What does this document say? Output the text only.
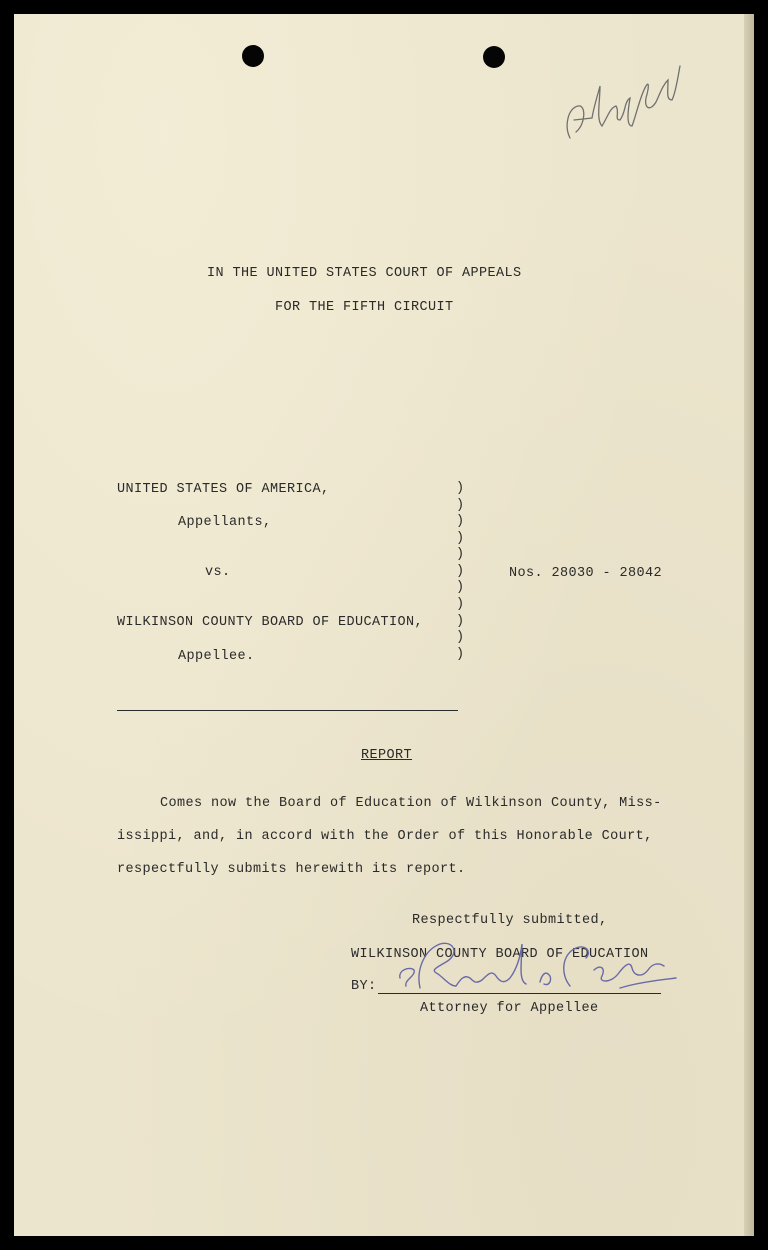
IN THE UNITED STATES COURT OF APPEALS
FOR THE FIFTH CIRCUIT
UNITED STATES OF AMERICA,
Appellants,
vs.
WILKINSON COUNTY BOARD OF EDUCATION,
Appellee.
Nos. 28030 - 28042
)
)
)
)
)
)
)
)
)
)
)
REPORT
Comes now the Board of Education of Wilkinson County, Miss-
issippi, and, in accord with the Order of this Honorable Court,
respectfully submits herewith its report.
Respectfully submitted,
WILKINSON COUNTY BOARD OF EDUCATION
BY:
Attorney for Appellee
